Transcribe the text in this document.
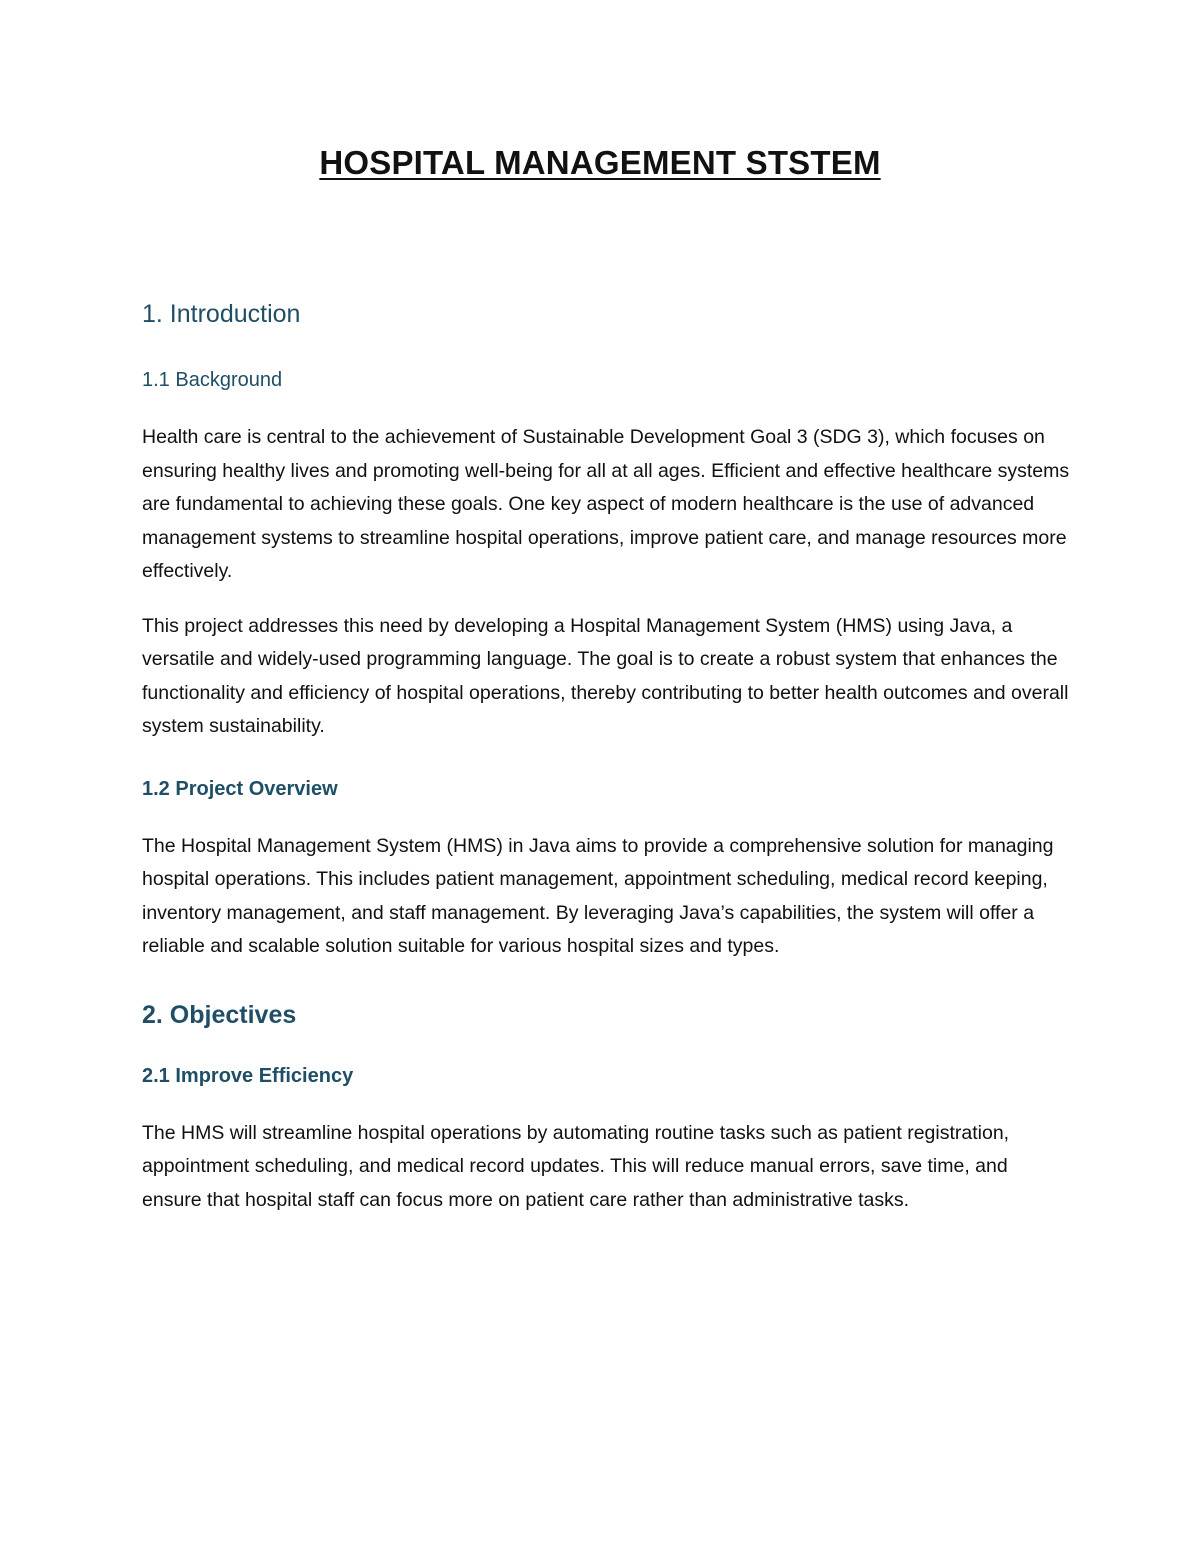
HOSPITAL MANAGEMENT STSTEM
1. Introduction
1.1 Background

Health care is central to the achievement of Sustainable Development Goal 3 (SDG 3), which focuses on ensuring healthy lives and promoting well-being for all at all ages. Efficient and effective healthcare systems are fundamental to achieving these goals. One key aspect of modern healthcare is the use of advanced management systems to streamline hospital operations, improve patient care, and manage resources more effectively.

This project addresses this need by developing a Hospital Management System (HMS) using Java, a versatile and widely-used programming language. The goal is to create a robust system that enhances the functionality and efficiency of hospital operations, thereby contributing to better health outcomes and overall system sustainability.

1.2 Project Overview

The Hospital Management System (HMS) in Java aims to provide a comprehensive solution for managing hospital operations. This includes patient management, appointment scheduling, medical record keeping, inventory management, and staff management. By leveraging Java’s capabilities, the system will offer a reliable and scalable solution suitable for various hospital sizes and types.

2. Objectives
2.1 Improve Efficiency

The HMS will streamline hospital operations by automating routine tasks such as patient registration, appointment scheduling, and medical record updates. This will reduce manual errors, save time, and ensure that hospital staff can focus more on patient care rather than administrative tasks.
